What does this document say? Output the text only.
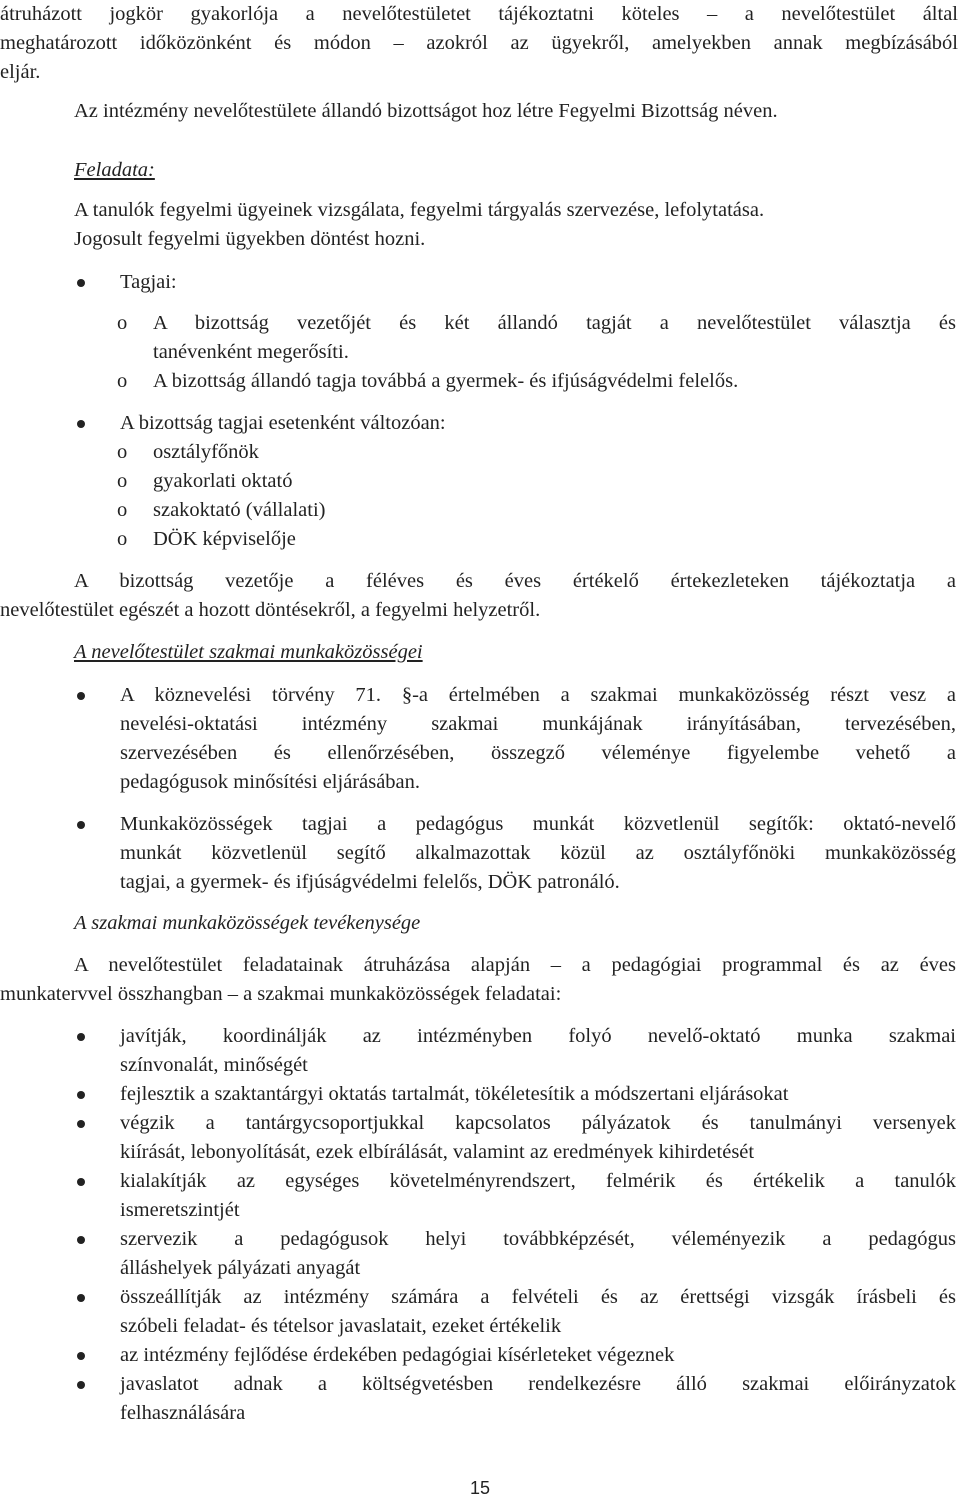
átruházott jogkör gyakorlója a nevelőtestületet tájékoztatni köteles – a nevelőtestület által
meghatározott időközönként és módon – azokról az ügyekről, amelyekben annak megbízásából
eljár.
Az intézmény nevelőtestülete állandó bizottságot hoz létre Fegyelmi Bizottság néven.
Feladata:
A tanulók fegyelmi ügyeinek vizsgálata, fegyelmi tárgyalás szervezése, lefolytatása.
Jogosult fegyelmi ügyekben döntést hozni.
Tagjai:
o A bizottság vezetőjét és két állandó tagját a nevelőtestület választja és
tanévenként megerősíti.
o A bizottság állandó tagja továbbá a gyermek- és ifjúságvédelmi felelős.
A bizottság tagjai esetenként változóan:
o osztályfőnök
o gyakorlati oktató
o szakoktató (vállalati)
o DÖK képviselője
A bizottság vezetője a féléves és éves értékelő értekezleteken tájékoztatja a
nevelőtestület egészét a hozott döntésekről, a fegyelmi helyzetről.
A nevelőtestület szakmai munkaközösségei
A köznevelési törvény 71. §-a értelmében a szakmai munkaközösség részt vesz a
nevelési-oktatási intézmény szakmai munkájának irányításában, tervezésében,
szervezésében és ellenőrzésében, összegző véleménye figyelembe vehető a
pedagógusok minősítési eljárásában.
Munkaközösségek tagjai a pedagógus munkát közvetlenül segítők: oktató-nevelő
munkát közvetlenül segítő alkalmazottak közül az osztályfőnöki munkaközösség
tagjai, a gyermek- és ifjúságvédelmi felelős, DÖK patronáló.
A szakmai munkaközösségek tevékenysége
A nevelőtestület feladatainak átruházása alapján – a pedagógiai programmal és az éves
munkatervvel összhangban – a szakmai munkaközösségek feladatai:
javítják, koordinálják az intézményben folyó nevelő-oktató munka szakmai
színvonalát, minőségét
fejlesztik a szaktantárgyi oktatás tartalmát, tökéletesítik a módszertani eljárásokat
végzik a tantárgycsoportjukkal kapcsolatos pályázatok és tanulmányi versenyek
kiírását, lebonyolítását, ezek elbírálását, valamint az eredmények kihirdetését
kialakítják az egységes követelményrendszert, felmérik és értékelik a tanulók
ismeretszintjét
szervezik a pedagógusok helyi továbbképzését, véleményezik a pedagógus
álláshelyek pályázati anyagát
összeállítják az intézmény számára a felvételi és az érettségi vizsgák írásbeli és
szóbeli feladat- és tételsor javaslatait, ezeket értékelik
az intézmény fejlődése érdekében pedagógiai kísérleteket végeznek
javaslatot adnak a költségvetésben rendelkezésre álló szakmai előirányzatok
felhasználására
15
